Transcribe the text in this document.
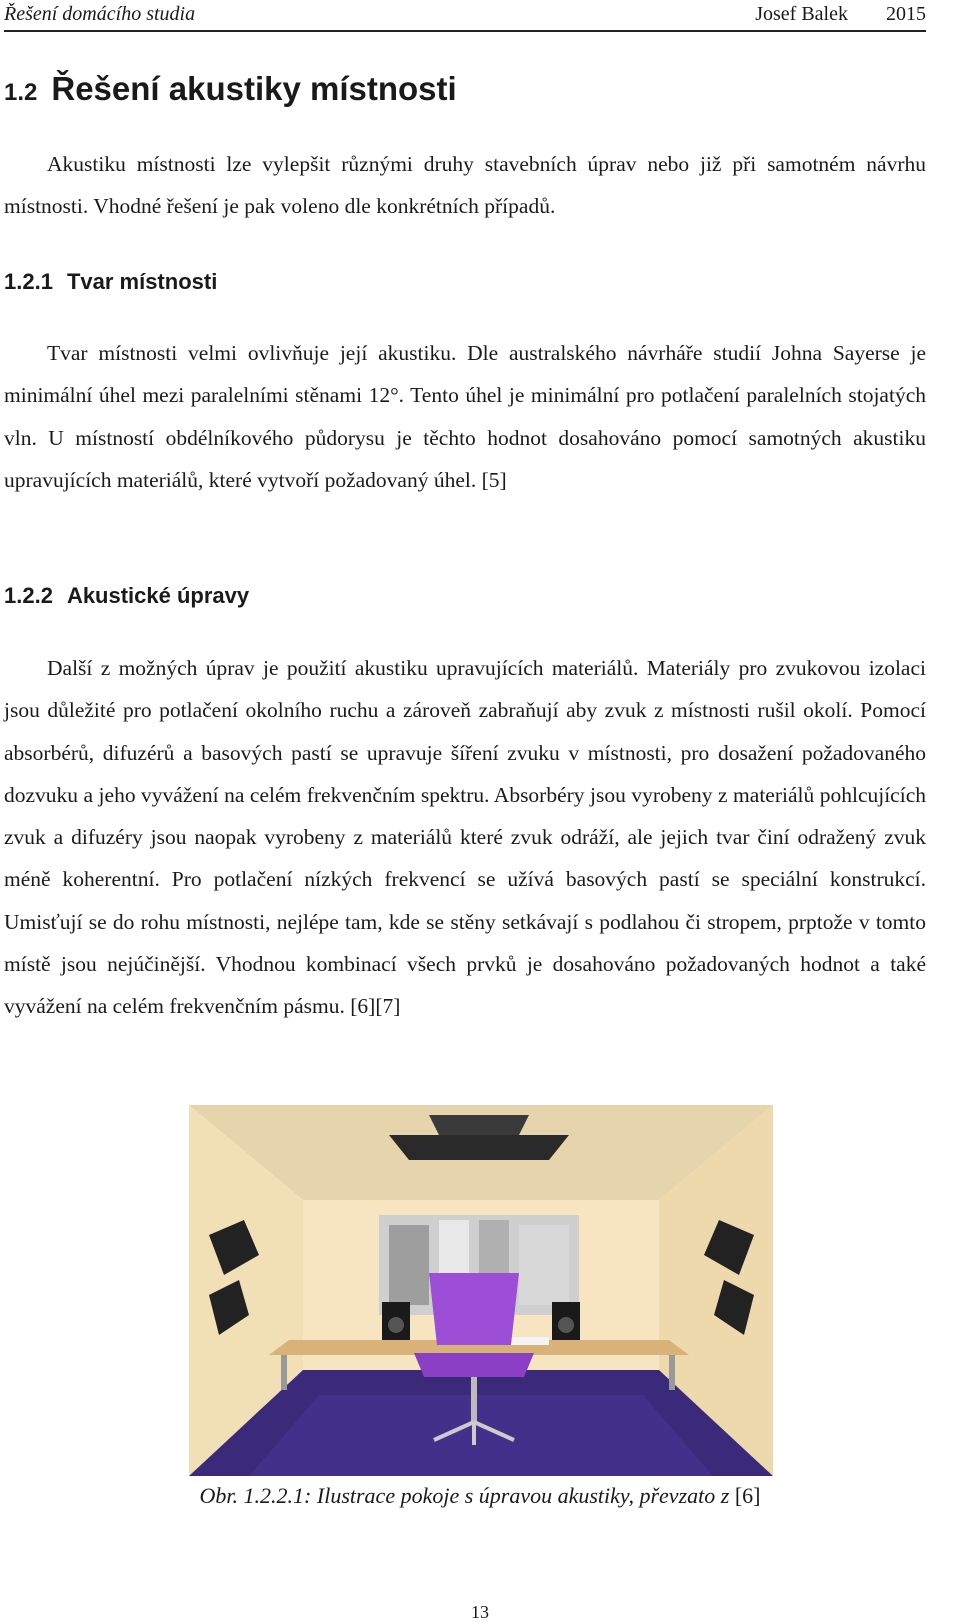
Řešení domácího studia	Josef Balek 2015
1.2 Řešení akustiky místnosti

Akustiku místnosti lze vylepšit různými druhy stavebních úprav nebo již při samotném návrhu místnosti. Vhodné řešení je pak voleno dle konkrétních případů.

1.2.1 Tvar místnosti

Tvar místnosti velmi ovlivňuje její akustiku. Dle australského návrháře studií Johna Sayerse je minimální úhel mezi paralelními stěnami 12°. Tento úhel je minimální pro potlačení paralelních stojatých vln. U místností obdélníkového půdorysu je těchto hodnot dosahováno pomocí samotných akustiku upravujících materiálů, které vytvoří požadovaný úhel. [5]

1.2.2 Akustické úpravy

Další z možných úprav je použití akustiku upravujících materiálů. Materiály pro zvukovou izolaci jsou důležité pro potlačení okolního ruchu a zároveň zabraňují aby zvuk z místnosti rušil okolí. Pomocí absorbérů, difuzérů a basových pastí se upravuje šíření zvuku v místnosti, pro dosažení požadovaného dozvuku a jeho vyvážení na celém frekvenčním spektru. Absorbéry jsou vyrobeny z materiálů pohlcujících zvuk a difuzéry jsou naopak vyrobeny z materiálů které zvuk odráží, ale jejich tvar činí odražený zvuk méně koherentní. Pro potlačení nízkých frekvencí se užívá basových pastí se speciální konstrukcí. Umisťují se do rohu místnosti, nejlépe tam, kde se stěny setkávají s podlahou či stropem, prptože v tomto místě jsou nejúčinější. Vhodnou kombinací všech prvků je dosahováno požadovaných hodnot a také vyvážení na celém frekvenčním pásmu. [6][7]

Obr. 1.2.2.1: Ilustrace pokoje s úpravou akustiky, převzato z [6]
13
